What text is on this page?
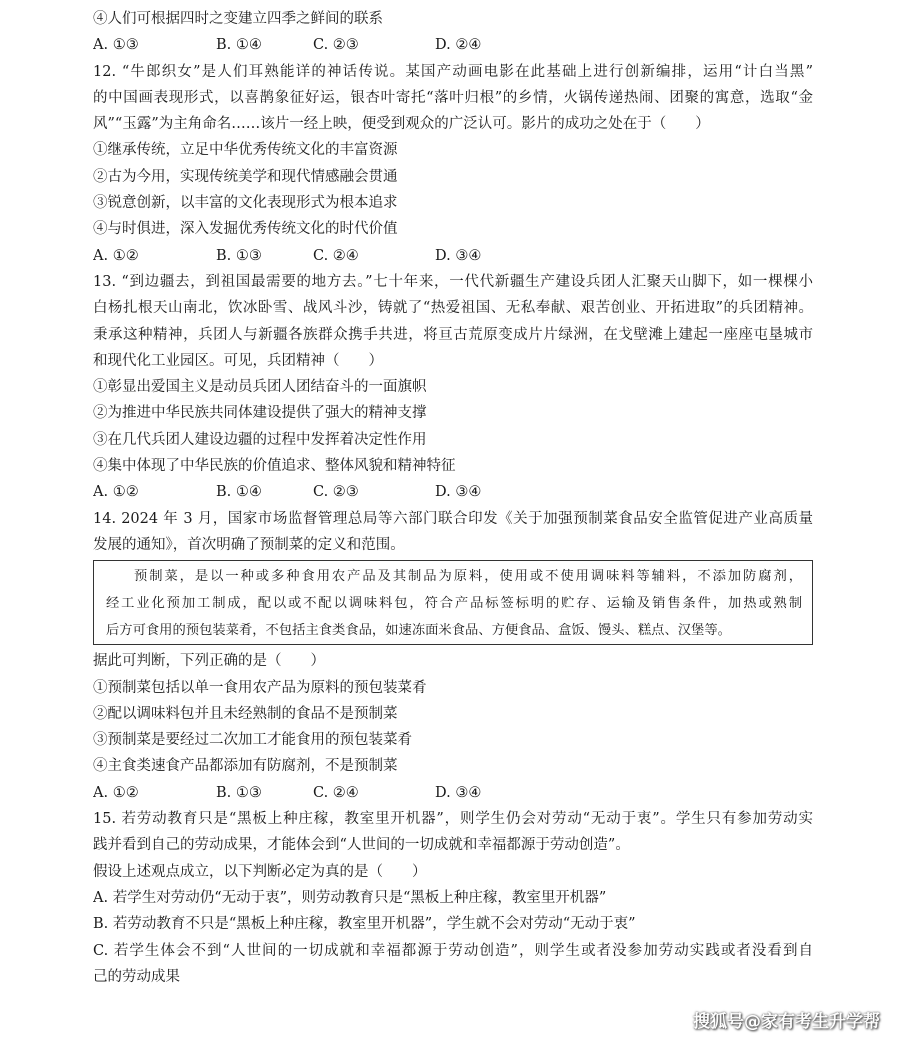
④人们可根据四时之变建立四季之鲜间的联系
A. ①③	B. ①④	C. ②③	D. ②④
12. “牛郎织女”是人们耳熟能详的神话传说。某国产动画电影在此基础上进行创新编排，运用“计白当黑”
的中国画表现形式，以喜鹊象征好运，银杏叶寄托“落叶归根”的乡情，火锅传递热闹、团聚的寓意，选取“金
风”“玉露”为主角命名……该片一经上映，便受到观众的广泛认可。影片的成功之处在于（　　）
①继承传统，立足中华优秀传统文化的丰富资源
②古为今用，实现传统美学和现代情感融会贯通
③锐意创新，以丰富的文化表现形式为根本追求
④与时俱进，深入发掘优秀传统文化的时代价值
A. ①②	B. ①③	C. ②④	D. ③④
13. “到边疆去，到祖国最需要的地方去。”七十年来，一代代新疆生产建设兵团人汇聚天山脚下，如一棵棵小
白杨扎根天山南北，饮冰卧雪、战风斗沙，铸就了“热爱祖国、无私奉献、艰苦创业、开拓进取”的兵团精神。
秉承这种精神，兵团人与新疆各族群众携手共进，将亘古荒原变成片片绿洲，在戈壁滩上建起一座座屯垦城市
和现代化工业园区。可见，兵团精神（　　）
①彰显出爱国主义是动员兵团人团结奋斗的一面旗帜
②为推进中华民族共同体建设提供了强大的精神支撑
③在几代兵团人建设边疆的过程中发挥着决定性作用
④集中体现了中华民族的价值追求、整体风貌和精神特征
A. ①②	B. ①④	C. ②③	D. ③④
14. 2024 年 3 月，国家市场监督管理总局等六部门联合印发《关于加强预制菜食品安全监管促进产业高质量
发展的通知》，首次明确了预制菜的定义和范围。
预制菜，是以一种或多种食用农产品及其制品为原料，使用或不使用调味料等辅料，不添加防腐剂，
经工业化预加工制成，配以或不配以调味料包，符合产品标签标明的贮存、运输及销售条件，加热或熟制
后方可食用的预包装菜肴，不包括主食类食品，如速冻面米食品、方便食品、盒饭、馒头、糕点、汉堡等。
据此可判断，下列正确的是（　　）
①预制菜包括以单一食用农产品为原料的预包装菜肴
②配以调味料包并且未经熟制的食品不是预制菜
③预制菜是要经过二次加工才能食用的预包装菜肴
④主食类速食产品都添加有防腐剂，不是预制菜
A. ①②	B. ①③	C. ②④	D. ③④
15. 若劳动教育只是“黑板上种庄稼，教室里开机器”，则学生仍会对劳动“无动于衷”。学生只有参加劳动实
践并看到自己的劳动成果，才能体会到“人世间的一切成就和幸福都源于劳动创造”。
假设上述观点成立，以下判断必定为真的是（　　）
A. 若学生对劳动仍“无动于衷”，则劳动教育只是“黑板上种庄稼，教室里开机器”
B. 若劳动教育不只是“黑板上种庄稼，教室里开机器”，学生就不会对劳动“无动于衷”
C. 若学生体会不到“人世间的一切成就和幸福都源于劳动创造”，则学生或者没参加劳动实践或者没看到自
己的劳动成果
搜狐号@家有考生升学帮
